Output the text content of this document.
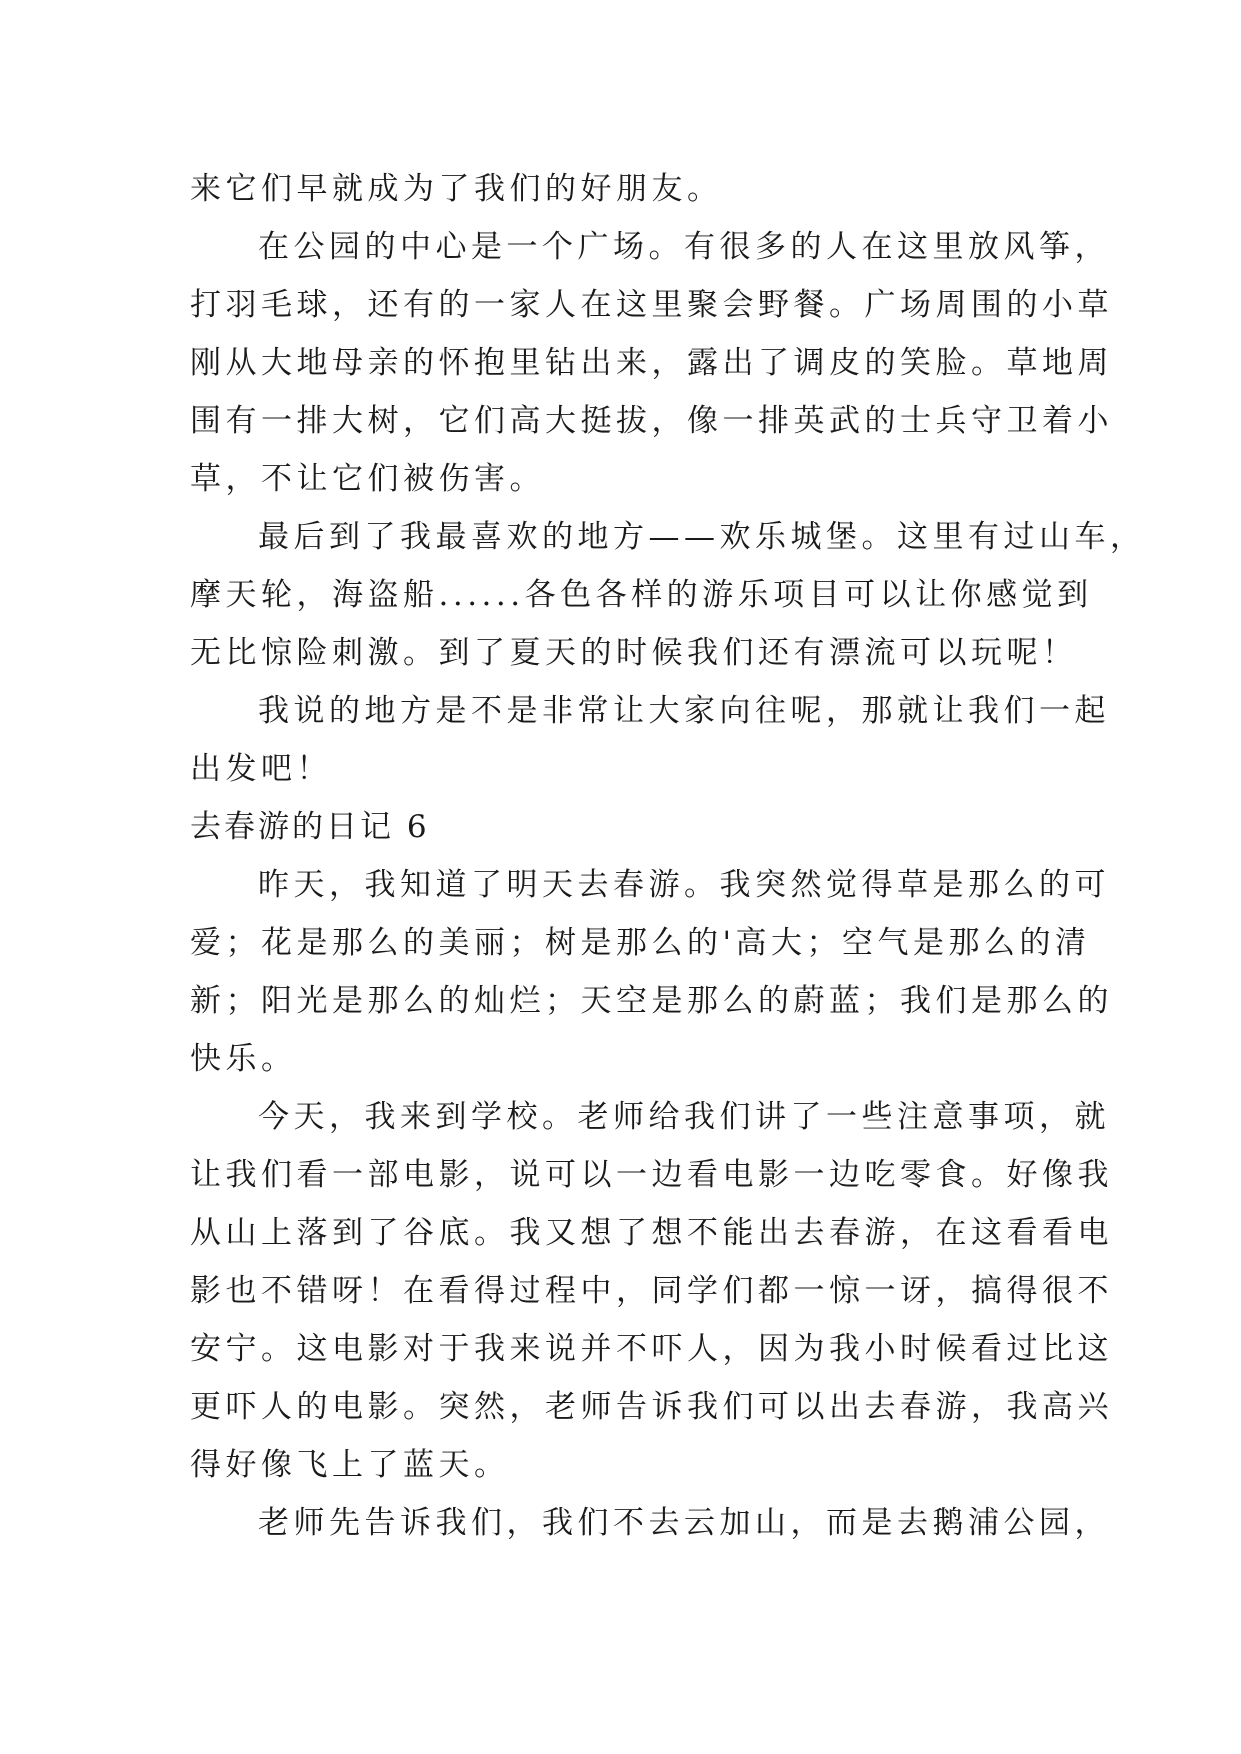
来它们早就成为了我们的好朋友。
在公园的中心是一个广场。有很多的人在这里放风筝，
打羽毛球，还有的一家人在这里聚会野餐。广场周围的小草
刚从大地母亲的怀抱里钻出来，露出了调皮的笑脸。草地周
围有一排大树，它们高大挺拔，像一排英武的士兵守卫着小
草，不让它们被伤害。
最后到了我最喜欢的地方——欢乐城堡。这里有过山车，
摩天轮，海盗船......各色各样的游乐项目可以让你感觉到
无比惊险刺激。到了夏天的时候我们还有漂流可以玩呢！
我说的地方是不是非常让大家向往呢，那就让我们一起
出发吧！
去春游的日记 6
昨天，我知道了明天去春游。我突然觉得草是那么的可
爱；花是那么的美丽；树是那么的'高大；空气是那么的清
新；阳光是那么的灿烂；天空是那么的蔚蓝；我们是那么的
快乐。
今天，我来到学校。老师给我们讲了一些注意事项，就
让我们看一部电影，说可以一边看电影一边吃零食。好像我
从山上落到了谷底。我又想了想不能出去春游，在这看看电
影也不错呀！在看得过程中，同学们都一惊一讶，搞得很不
安宁。这电影对于我来说并不吓人，因为我小时候看过比这
更吓人的电影。突然，老师告诉我们可以出去春游，我高兴
得好像飞上了蓝天。
老师先告诉我们，我们不去云加山，而是去鹅浦公园，
